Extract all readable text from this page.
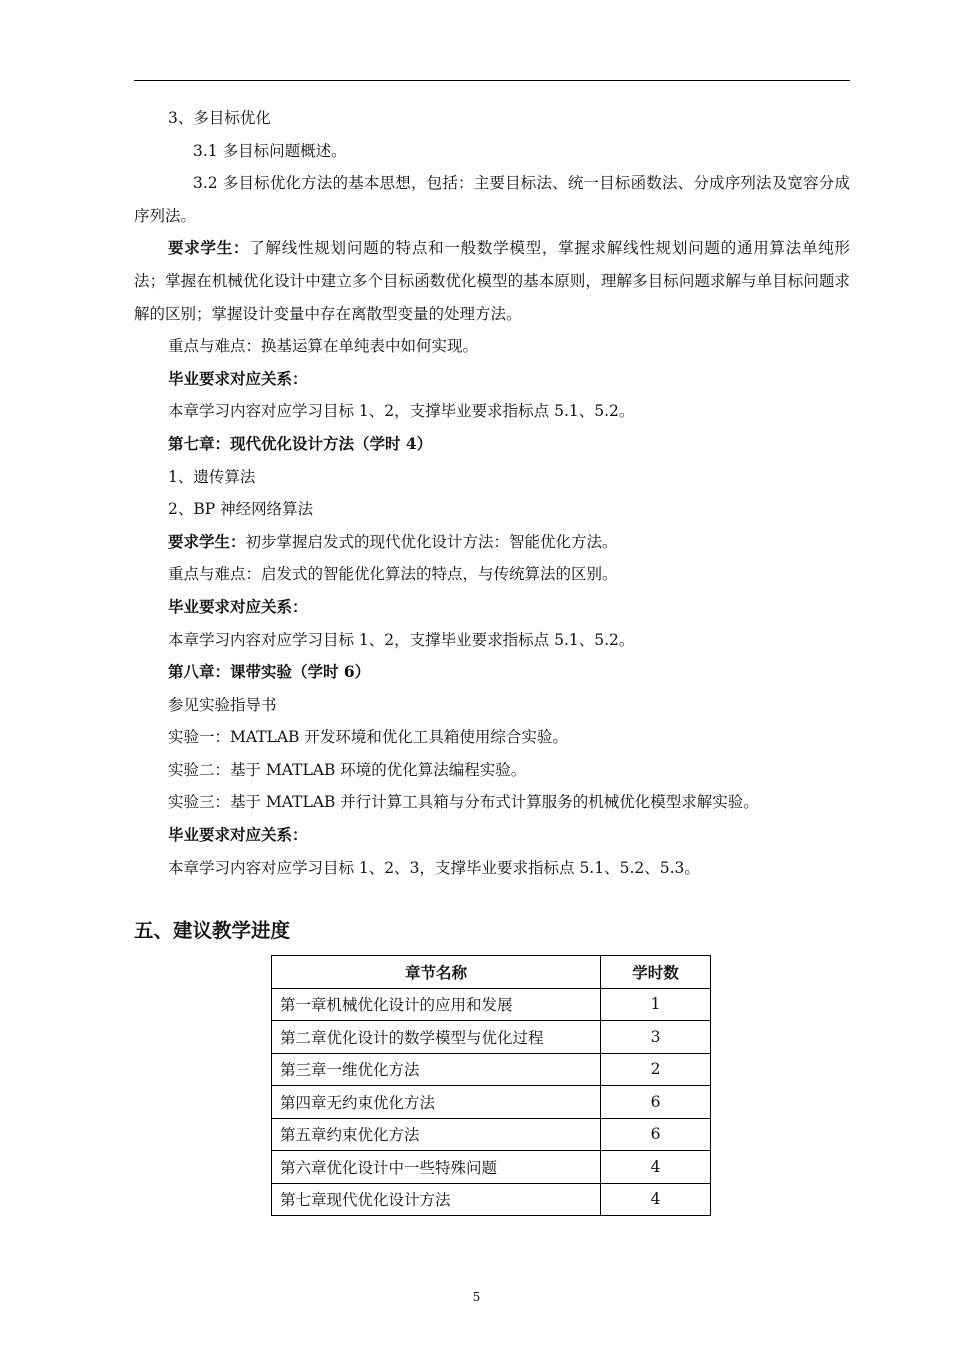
3、多目标优化
3.1 多目标问题概述。
3.2 多目标优化方法的基本思想，包括：主要目标法、统一目标函数法、分成序列法及宽容分成序列法。
要求学生：了解线性规划问题的特点和一般数学模型，掌握求解线性规划问题的通用算法单纯形法；掌握在机械优化设计中建立多个目标函数优化模型的基本原则，理解多目标问题求解与单目标问题求解的区别；掌握设计变量中存在离散型变量的处理方法。
重点与难点：换基运算在单纯表中如何实现。
毕业要求对应关系：
本章学习内容对应学习目标 1、2，支撑毕业要求指标点 5.1、5.2。
第七章：现代优化设计方法（学时 4）
1、遗传算法
2、BP 神经网络算法
要求学生：初步掌握启发式的现代优化设计方法：智能优化方法。
重点与难点：启发式的智能优化算法的特点，与传统算法的区别。
毕业要求对应关系：
本章学习内容对应学习目标 1、2，支撑毕业要求指标点 5.1、5.2。
第八章：课带实验（学时 6）
参见实验指导书
实验一：MATLAB 开发环境和优化工具箱使用综合实验。
实验二：基于 MATLAB 环境的优化算法编程实验。
实验三：基于 MATLAB 并行计算工具箱与分布式计算服务的机械优化模型求解实验。
毕业要求对应关系：
本章学习内容对应学习目标 1、2、3，支撑毕业要求指标点 5.1、5.2、5.3。
五、建议教学进度
章节名称	学时数
第一章机械优化设计的应用和发展	1
第二章优化设计的数学模型与优化过程	3
第三章一维优化方法	2
第四章无约束优化方法	6
第五章约束优化方法	6
第六章优化设计中一些特殊问题	4
第七章现代优化设计方法	4
5
